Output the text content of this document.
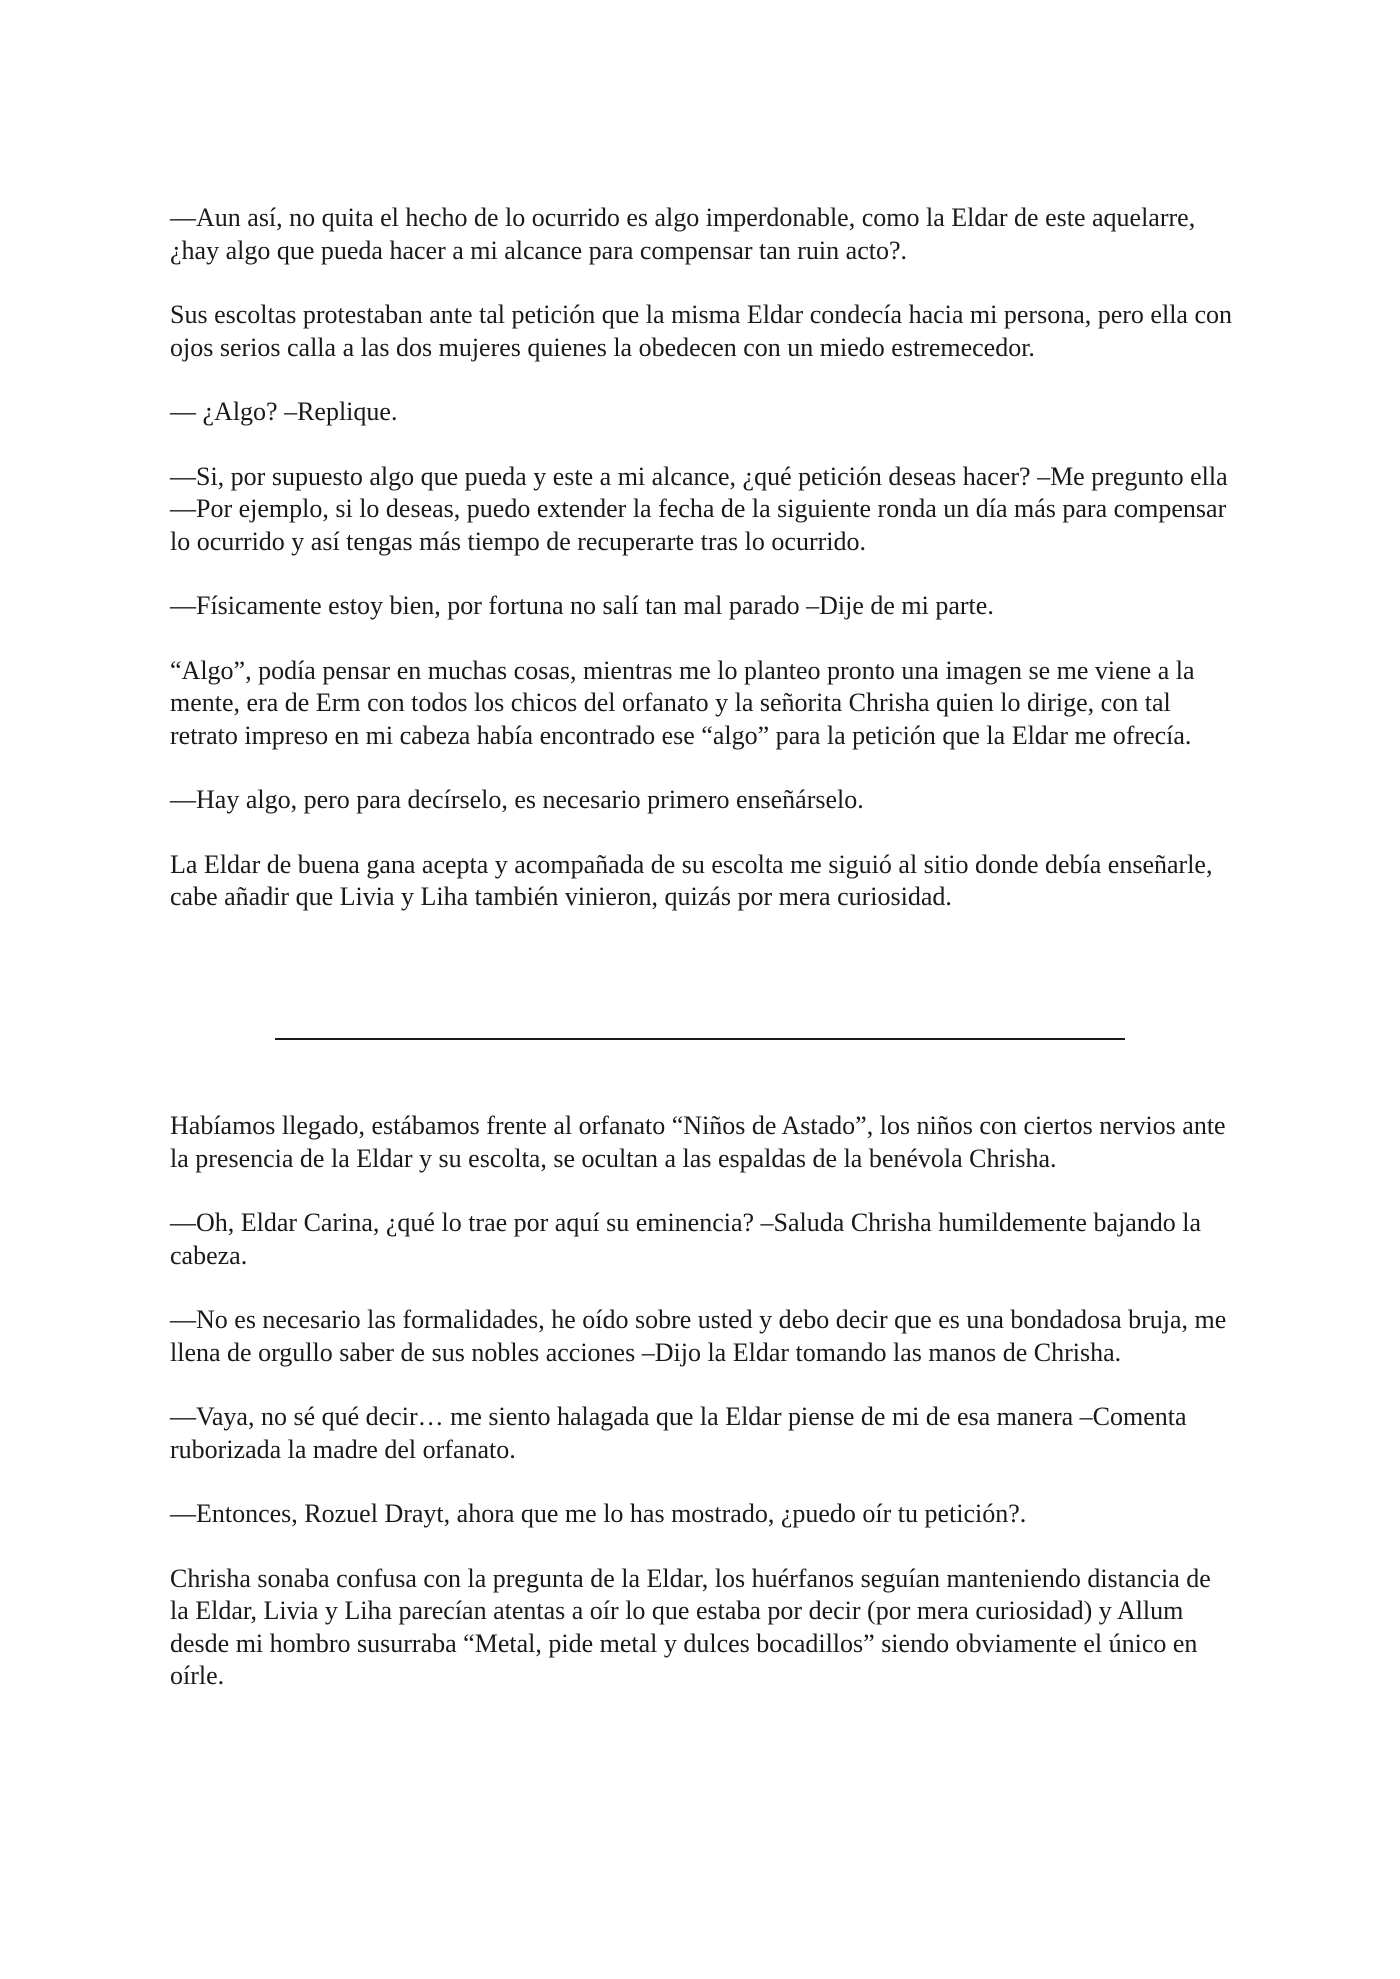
—Aun así, no quita el hecho de lo ocurrido es algo imperdonable, como la Eldar de este aquelarre, ¿hay algo que pueda hacer a mi alcance para compensar tan ruin acto?.

Sus escoltas protestaban ante tal petición que la misma Eldar condecía hacia mi persona, pero ella con ojos serios calla a las dos mujeres quienes la obedecen con un miedo estremecedor.

— ¿Algo? –Replique.

—Si, por supuesto algo que pueda y este a mi alcance, ¿qué petición deseas hacer? –Me pregunto ella —Por ejemplo, si lo deseas, puedo extender la fecha de la siguiente ronda un día más para compensar lo ocurrido y así tengas más tiempo de recuperarte tras lo ocurrido.

—Físicamente estoy bien, por fortuna no salí tan mal parado –Dije de mi parte.

“Algo”, podía pensar en muchas cosas, mientras me lo planteo pronto una imagen se me viene a la mente, era de Erm con todos los chicos del orfanato y la señorita Chrisha quien lo dirige, con tal retrato impreso en mi cabeza había encontrado ese “algo” para la petición que la Eldar me ofrecía.

—Hay algo, pero para decírselo, es necesario primero enseñárselo.

La Eldar de buena gana acepta y acompañada de su escolta me siguió al sitio donde debía enseñarle, cabe añadir que Livia y Liha también vinieron, quizás por mera curiosidad.

Habíamos llegado, estábamos frente al orfanato “Niños de Astado”, los niños con ciertos nervios ante la presencia de la Eldar y su escolta, se ocultan a las espaldas de la benévola Chrisha.

—Oh, Eldar Carina, ¿qué lo trae por aquí su eminencia? –Saluda Chrisha humildemente bajando la cabeza.

—No es necesario las formalidades, he oído sobre usted y debo decir que es una bondadosa bruja, me llena de orgullo saber de sus nobles acciones –Dijo la Eldar tomando las manos de Chrisha.

—Vaya, no sé qué decir… me siento halagada que la Eldar piense de mi de esa manera –Comenta ruborizada la madre del orfanato.

—Entonces, Rozuel Drayt, ahora que me lo has mostrado, ¿puedo oír tu petición?.

Chrisha sonaba confusa con la pregunta de la Eldar, los huérfanos seguían manteniendo distancia de la Eldar, Livia y Liha parecían atentas a oír lo que estaba por decir (por mera curiosidad) y Allum desde mi hombro susurraba “Metal, pide metal y dulces bocadillos” siendo obviamente el único en oírle.
